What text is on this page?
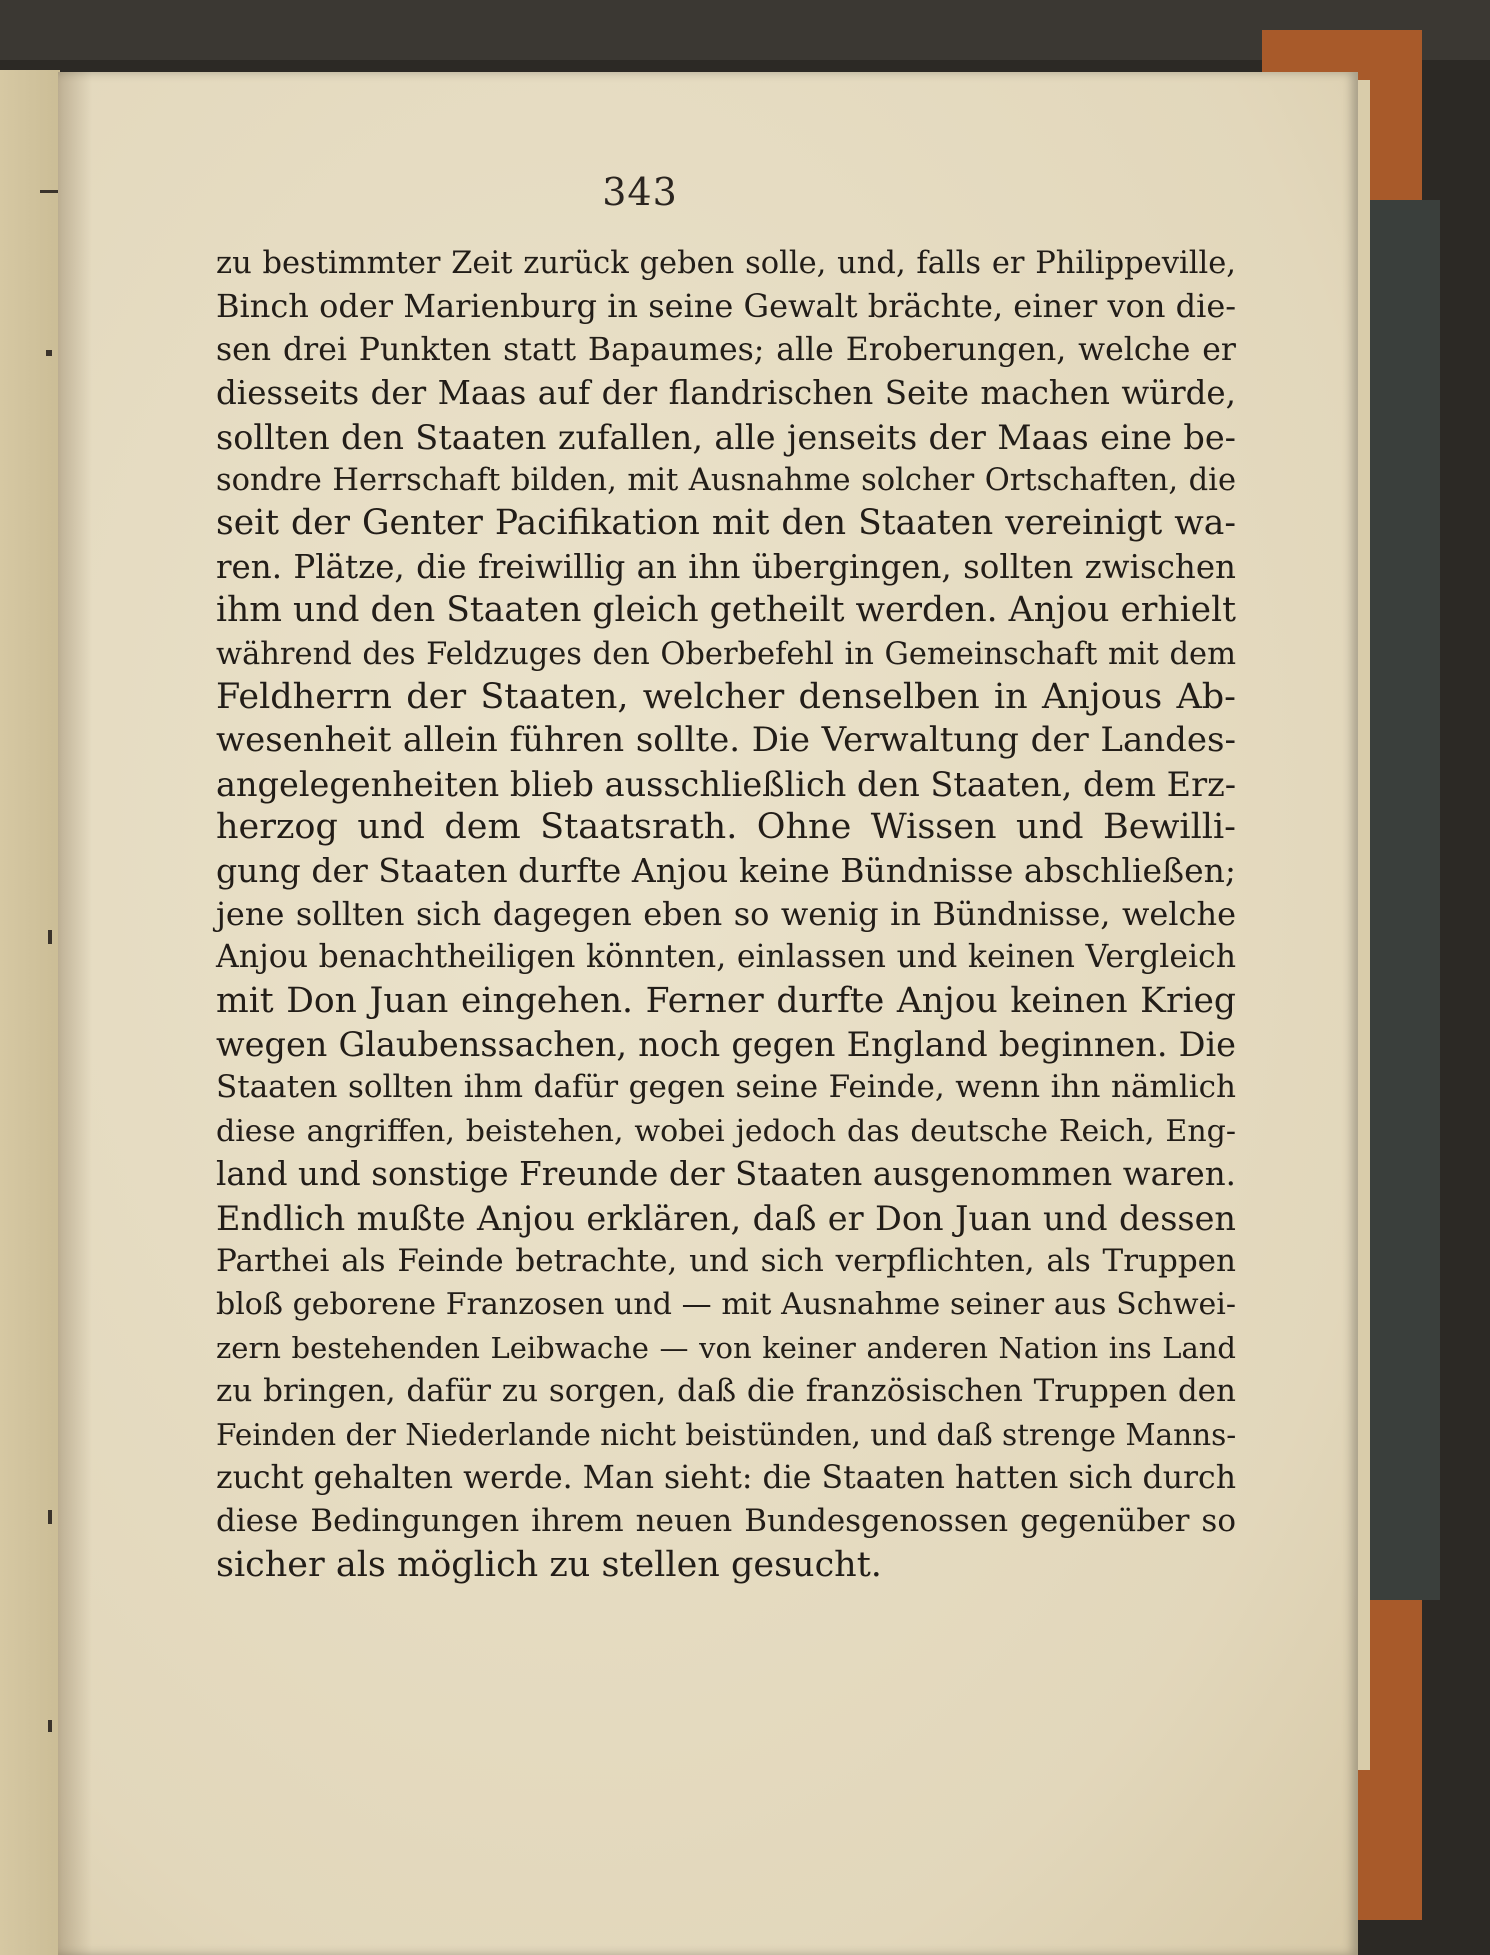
343
zu bestimmter Zeit zurück geben solle, und, falls er Philippeville,
Binch oder Marienburg in seine Gewalt brächte, einer von die-
sen drei Punkten statt Bapaumes; alle Eroberungen, welche er
diesseits der Maas auf der flandrischen Seite machen würde,
sollten den Staaten zufallen, alle jenseits der Maas eine be-
sondre Herrschaft bilden, mit Ausnahme solcher Ortschaften, die
seit der Genter Pacifikation mit den Staaten vereinigt wa-
ren. Plätze, die freiwillig an ihn übergingen, sollten zwischen
ihm und den Staaten gleich getheilt werden. Anjou erhielt
während des Feldzuges den Oberbefehl in Gemeinschaft mit dem
Feldherrn der Staaten, welcher denselben in Anjous Ab-
wesenheit allein führen sollte. Die Verwaltung der Landes-
angelegenheiten blieb ausschließlich den Staaten, dem Erz-
herzog und dem Staatsrath. Ohne Wissen und Bewilli-
gung der Staaten durfte Anjou keine Bündnisse abschließen;
jene sollten sich dagegen eben so wenig in Bündnisse, welche
Anjou benachtheiligen könnten, einlassen und keinen Vergleich
mit Don Juan eingehen. Ferner durfte Anjou keinen Krieg
wegen Glaubenssachen, noch gegen England beginnen. Die
Staaten sollten ihm dafür gegen seine Feinde, wenn ihn nämlich
diese angriffen, beistehen, wobei jedoch das deutsche Reich, Eng-
land und sonstige Freunde der Staaten ausgenommen waren.
Endlich mußte Anjou erklären, daß er Don Juan und dessen
Parthei als Feinde betrachte, und sich verpflichten, als Truppen
bloß geborene Franzosen und — mit Ausnahme seiner aus Schwei-
zern bestehenden Leibwache — von keiner anderen Nation ins Land
zu bringen, dafür zu sorgen, daß die französischen Truppen den
Feinden der Niederlande nicht beistünden, und daß strenge Manns-
zucht gehalten werde. Man sieht: die Staaten hatten sich durch
diese Bedingungen ihrem neuen Bundesgenossen gegenüber so
sicher als möglich zu stellen gesucht.
